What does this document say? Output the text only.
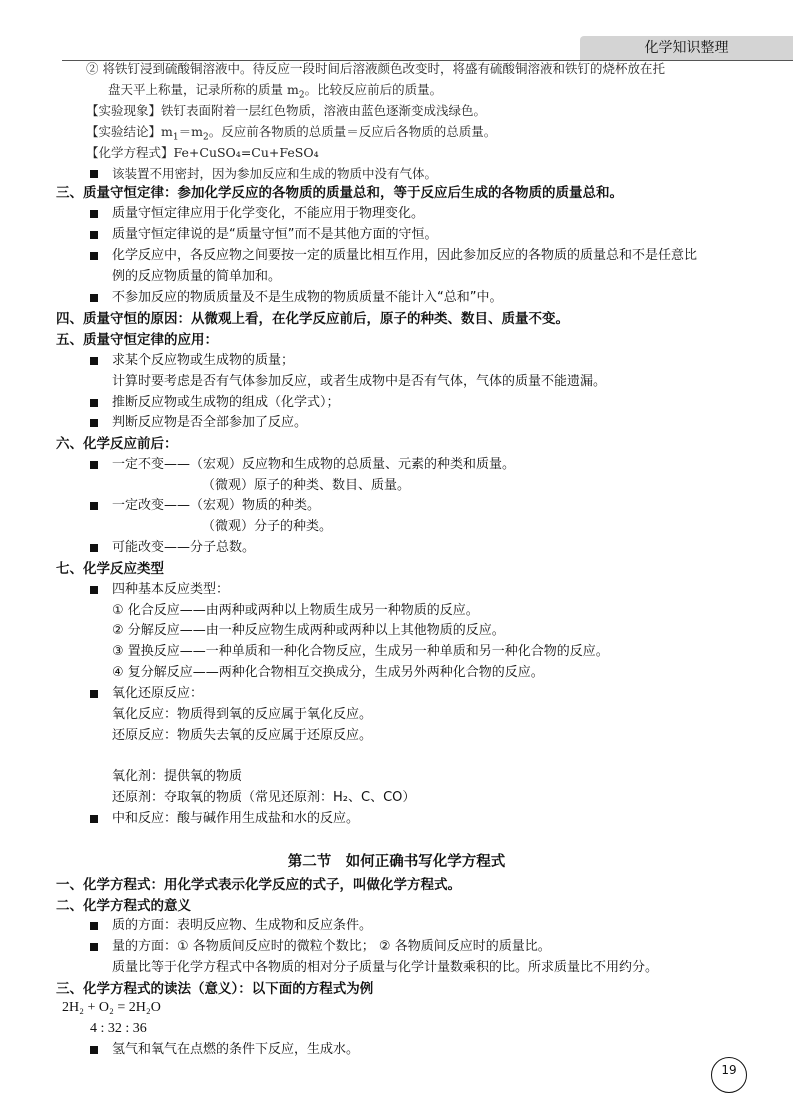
化学知识整理
② 将铁钉浸到硫酸铜溶液中。待反应一段时间后溶液颜色改变时，将盛有硫酸铜溶液和铁钉的烧杯放在托
盘天平上称量，记录所称的质量 $m_2$。比较反应前后的质量。
【实验现象】铁钉表面附着一层红色物质，溶液由蓝色逐渐变成浅绿色。
【实验结论】$m_1=m_2$。反应前各物质的总质量＝反应后各物质的总质量。
【化学方程式】Fe+CuSO₄=Cu+FeSO₄
该装置不用密封，因为参加反应和生成的物质中没有气体。
三、质量守恒定律：参加化学反应的各物质的质量总和，等于反应后生成的各物质的质量总和。
质量守恒定律应用于化学变化，不能应用于物理变化。
质量守恒定律说的是“质量守恒”而不是其他方面的守恒。
化学反应中，各反应物之间要按一定的质量比相互作用，因此参加反应的各物质的质量总和不是任意比
例的反应物质量的简单加和。
不参加反应的物质质量及不是生成物的物质质量不能计入“总和”中。
四、质量守恒的原因：从微观上看，在化学反应前后，原子的种类、数目、质量不变。
五、质量守恒定律的应用：
求某个反应物或生成物的质量；
计算时要考虑是否有气体参加反应，或者生成物中是否有气体，气体的质量不能遗漏。
推断反应物或生成物的组成（化学式）；
判断反应物是否全部参加了反应。
六、化学反应前后：
一定不变——（宏观）反应物和生成物的总质量、元素的种类和质量。
（微观）原子的种类、数目、质量。
一定改变——（宏观）物质的种类。
（微观）分子的种类。
可能改变——分子总数。
七、化学反应类型
四种基本反应类型：
① 化合反应——由两种或两种以上物质生成另一种物质的反应。
② 分解反应——由一种反应物生成两种或两种以上其他物质的反应。
③ 置换反应——一种单质和一种化合物反应，生成另一种单质和另一种化合物的反应。
④ 复分解反应——两种化合物相互交换成分，生成另外两种化合物的反应。
氧化还原反应：
氧化反应：物质得到氧的反应属于氧化反应。
还原反应：物质失去氧的反应属于还原反应。
氧化剂：提供氧的物质
还原剂：夺取氧的物质（常见还原剂：H₂、C、CO）
中和反应：酸与碱作用生成盐和水的反应。
第二节　如何正确书写化学方程式
一、化学方程式：用化学式表示化学反应的式子，叫做化学方程式。
二、化学方程式的意义
质的方面：表明反应物、生成物和反应条件。
量的方面：① 各物质间反应时的微粒个数比； ② 各物质间反应时的质量比。
质量比等于化学方程式中各物质的相对分子质量与化学计量数乘积的比。所求质量比不用约分。
三、化学方程式的读法（意义）：以下面的方程式为例
2H₂ + O₂ = 2H₂O
4 : 32 : 36
氢气和氧气在点燃的条件下反应，生成水。
19
